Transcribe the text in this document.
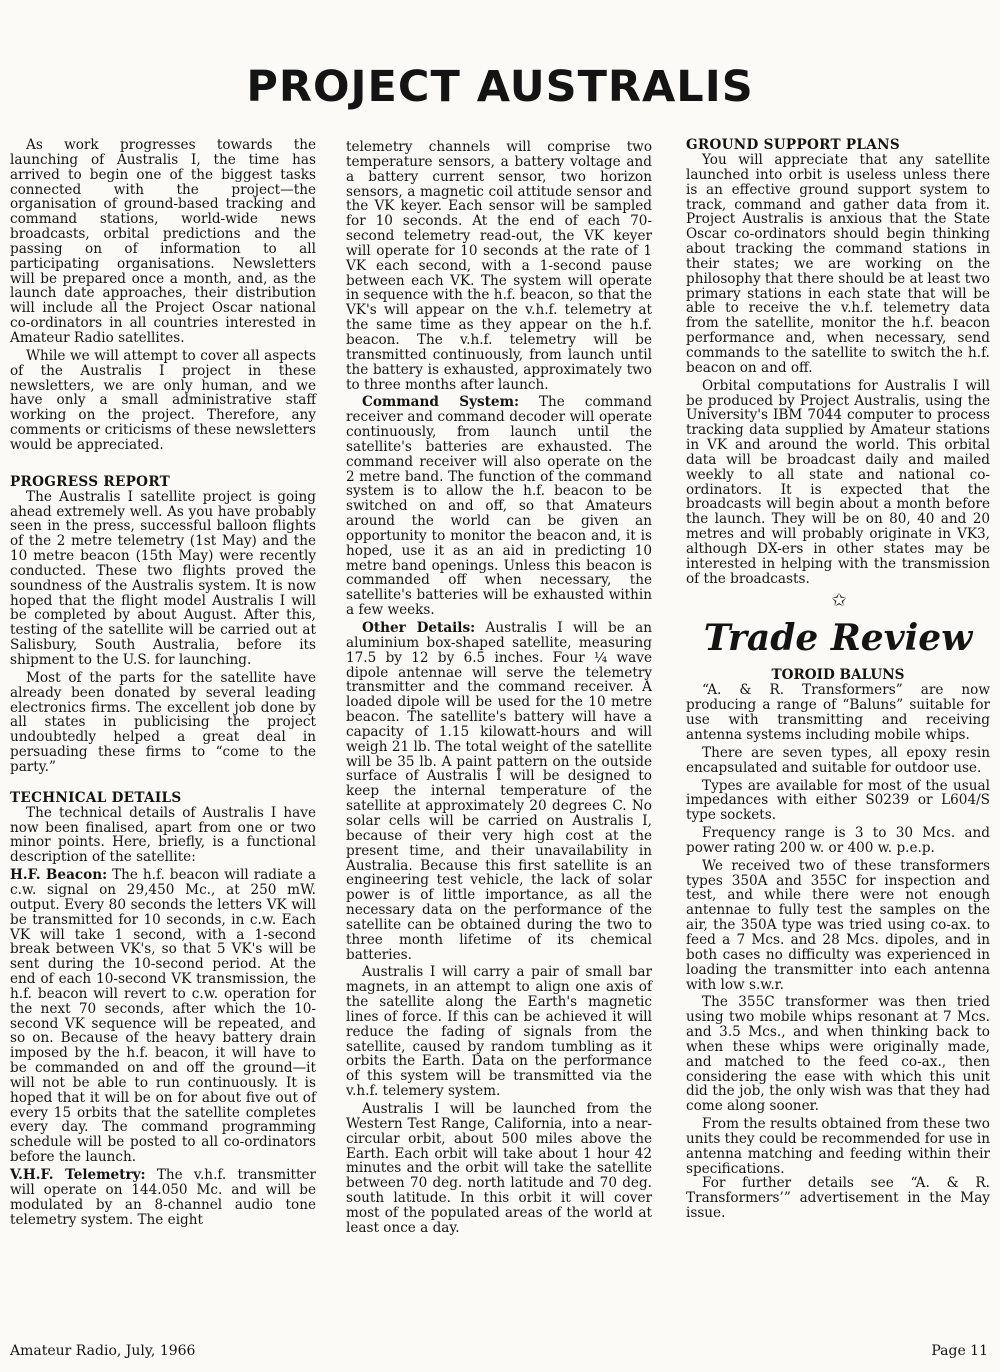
PROJECT AUSTRALIS

As work progresses towards the launching of Australis I, the time has arrived to begin one of the biggest tasks connected with the project—the organisation of ground-based tracking and command stations, world-wide news broadcasts, orbital predictions and the passing on of information to all participating organisations. Newsletters will be prepared once a month, and, as the launch date approaches, their distribution will include all the Project Oscar national co-ordinators in all countries interested in Amateur Radio satellites.

While we will attempt to cover all aspects of the Australis I project in these newsletters, we are only human, and we have only a small administrative staff working on the project. Therefore, any comments or criticisms of these newsletters would be appreciated.

PROGRESS REPORT

The Australis I satellite project is going ahead extremely well. As you have probably seen in the press, successful balloon flights of the 2 metre telemetry (1st May) and the 10 metre beacon (15th May) were recently conducted. These two flights proved the soundness of the Australis system. It is now hoped that the flight model Australis I will be completed by about August. After this, testing of the satellite will be carried out at Salisbury, South Australia, before its shipment to the U.S. for launching.

Most of the parts for the satellite have already been donated by several leading electronics firms. The excellent job done by all states in publicising the project undoubtedly helped a great deal in persuading these firms to “come to the party.”

TECHNICAL DETAILS

The technical details of Australis I have now been finalised, apart from one or two minor points. Here, briefly, is a functional description of the satellite:

H.F. Beacon: The h.f. beacon will radiate a c.w. signal on 29,450 Mc., at 250 mW. output. Every 80 seconds the letters VK will be transmitted for 10 seconds, in c.w. Each VK will take 1 second, with a 1-second break between VK's, so that 5 VK's will be sent during the 10-second period. At the end of each 10-second VK transmission, the h.f. beacon will revert to c.w. operation for the next 70 seconds, after which the 10-second VK sequence will be repeated, and so on. Because of the heavy battery drain imposed by the h.f. beacon, it will have to be commanded on and off the ground—it will not be able to run continuously. It is hoped that it will be on for about five out of every 15 orbits that the satellite completes every day. The command programming schedule will be posted to all co-ordinators before the launch.

V.H.F. Telemetry: The v.h.f. transmitter will operate on 144.050 Mc. and will be modulated by an 8-channel audio tone telemetry system. The eight

telemetry channels will comprise two temperature sensors, a battery voltage and a battery current sensor, two horizon sensors, a magnetic coil attitude sensor and the VK keyer. Each sensor will be sampled for 10 seconds. At the end of each 70-second telemetry read-out, the VK keyer will operate for 10 seconds at the rate of 1 VK each second, with a 1-second pause between each VK. The system will operate in sequence with the h.f. beacon, so that the VK's will appear on the v.h.f. telemetry at the same time as they appear on the h.f. beacon. The v.h.f. telemetry will be transmitted continuously, from launch until the battery is exhausted, approximately two to three months after launch.

Command System: The command receiver and command decoder will operate continuously, from launch until the satellite's batteries are exhausted. The command receiver will also operate on the 2 metre band. The function of the command system is to allow the h.f. beacon to be switched on and off, so that Amateurs around the world can be given an opportunity to monitor the beacon and, it is hoped, use it as an aid in predicting 10 metre band openings. Unless this beacon is commanded off when necessary, the satellite's batteries will be exhausted within a few weeks.

Other Details: Australis I will be an aluminium box-shaped satellite, measuring 17.5 by 12 by 6.5 inches. Four ¼ wave dipole antennae will serve the telemetry transmitter and the command receiver. A loaded dipole will be used for the 10 metre beacon. The satellite's battery will have a capacity of 1.15 kilowatt-hours and will weigh 21 lb. The total weight of the satellite will be 35 lb. A paint pattern on the outside surface of Australis I will be designed to keep the internal temperature of the satellite at approximately 20 degrees C. No solar cells will be carried on Australis I, because of their very high cost at the present time, and their unavailability in Australia. Because this first satellite is an engineering test vehicle, the lack of solar power is of little importance, as all the necessary data on the performance of the satellite can be obtained during the two to three month lifetime of its chemical batteries.

Australis I will carry a pair of small bar magnets, in an attempt to align one axis of the satellite along the Earth's magnetic lines of force. If this can be achieved it will reduce the fading of signals from the satellite, caused by random tumbling as it orbits the Earth. Data on the performance of this system will be transmitted via the v.h.f. telemery system.

Australis I will be launched from the Western Test Range, California, into a near-circular orbit, about 500 miles above the Earth. Each orbit will take about 1 hour 42 minutes and the orbit will take the satellite between 70 deg. north latitude and 70 deg. south latitude. In this orbit it will cover most of the populated areas of the world at least once a day.

GROUND SUPPORT PLANS

You will appreciate that any satellite launched into orbit is useless unless there is an effective ground support system to track, command and gather data from it. Project Australis is anxious that the State Oscar co-ordinators should begin thinking about tracking the command stations in their states; we are working on the philosophy that there should be at least two primary stations in each state that will be able to receive the v.h.f. telemetry data from the satellite, monitor the h.f. beacon performance and, when necessary, send commands to the satellite to switch the h.f. beacon on and off.

Orbital computations for Australis I will be produced by Project Australis, using the University's IBM 7044 computer to process tracking data supplied by Amateur stations in VK and around the world. This orbital data will be broadcast daily and mailed weekly to all state and national co-ordinators. It is expected that the broadcasts will begin about a month before the launch. They will be on 80, 40 and 20 metres and will probably originate in VK3, although DX-ers in other states may be interested in helping with the transmission of the broadcasts.

✩
Trade Review
TOROID BALUNS

“A. & R. Transformers” are now producing a range of “Baluns” suitable for use with transmitting and receiving antenna systems including mobile whips.

There are seven types, all epoxy resin encapsulated and suitable for outdoor use.

Types are available for most of the usual impedances with either S0239 or L604/S type sockets.

Frequency range is 3 to 30 Mcs. and power rating 200 w. or 400 w. p.e.p.

We received two of these transformers types 350A and 355C for inspection and test, and while there were not enough antennae to fully test the samples on the air, the 350A type was tried using co-ax. to feed a 7 Mcs. and 28 Mcs. dipoles, and in both cases no difficulty was experienced in loading the transmitter into each antenna with low s.w.r.

The 355C transformer was then tried using two mobile whips resonant at 7 Mcs. and 3.5 Mcs., and when thinking back to when these whips were originally made, and matched to the feed co-ax., then considering the ease with which this unit did the job, the only wish was that they had come along sooner.

From the results obtained from these two units they could be recommended for use in antenna matching and feeding within their specifications.

For further details see “A. & R. Transformers’” advertisement in the May issue.

Amateur Radio, July, 1966	Page 11
